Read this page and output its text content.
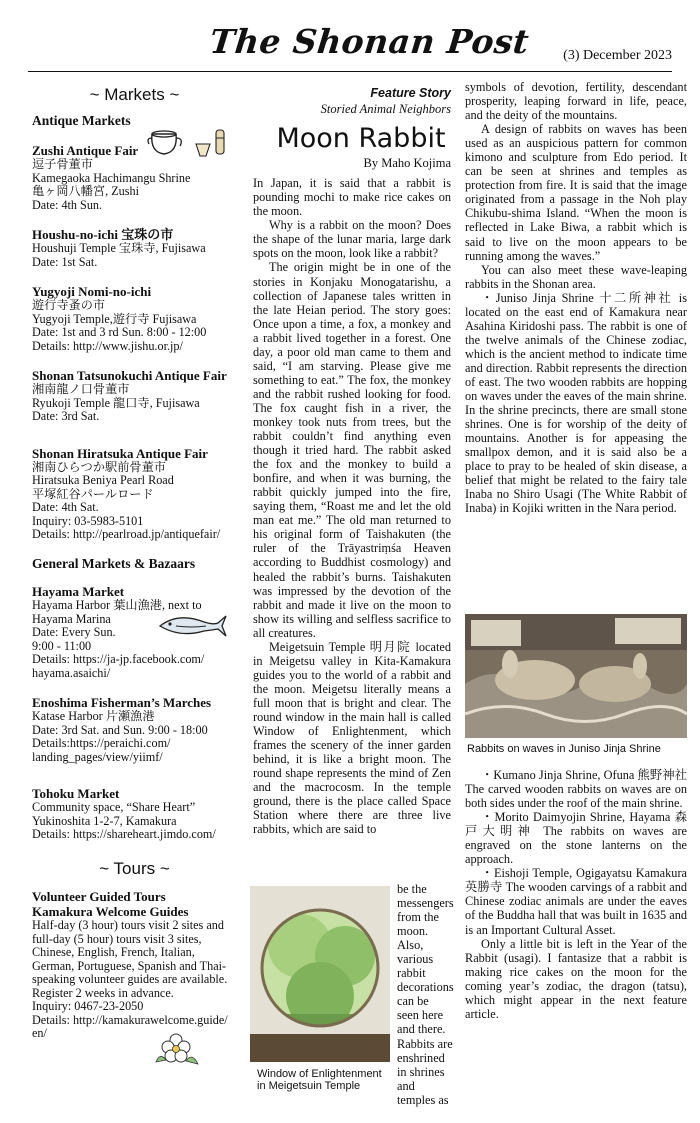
The Shonan Post (3) December 2023
~ Markets ~
Antique Markets
Zushi Antique Fair
逗子骨董市
Kamegaoka Hachimangu Shrine
亀ヶ岡八幡宮, Zushi
Date: 4th Sun.
Houshu-no-ichi 宝珠の市
Houshuji Temple 宝珠寺, Fujisawa
Date: 1st Sat.
Yugyoji Nomi-no-ichi
遊行寺蚤の市
Yugyoji Temple,遊行寺 Fujisawa
Date: 1st and 3 rd Sun. 8:00 - 12:00
Details: http://www.jishu.or.jp/
Shonan Tatsunokuchi Antique Fair
湘南龍ノ口骨董市
Ryukoji Temple 龍口寺, Fujisawa
Date: 3rd Sat.
Shonan Hiratsuka Antique Fair
湘南ひらつか駅前骨董市
Hiratsuka Beniya Pearl Road
平塚紅谷パールロード
Date: 4th Sat.
Inquiry: 03-5983-5101
Details: http://pearlroad.jp/antiquefair/
General Markets & Bazaars
Hayama Market
Hayama Harbor 葉山漁港, next to
Hayama Marina
Date: Every Sun.
9:00 - 11:00
Details: https://ja-jp.facebook.com/
hayama.asaichi/
Enoshima Fisherman’s Marches
Katase Harbor 片瀬漁港
Date: 3rd Sat. and Sun. 9:00 - 18:00
Details:https://peraichi.com/
landing_pages/view/yiimf/
Tohoku Market
Community space, “Share Heart”
Yukinoshita 1-2-7, Kamakura
Details: https://shareheart.jimdo.com/
~ Tours ~
Volunteer Guided Tours
Kamakura Welcome Guides
Half-day (3 hour) tours visit 2 sites and
full-day (5 hour) tours visit 3 sites,
Chinese, English, French, Italian,
German, Portuguese, Spanish and Thai-
speaking volunteer guides are available.
Register 2 weeks in advance.
Inquiry: 0467-23-2050
Details: http://kamakurawelcome.guide/
en/
Feature Story
Storied Animal Neighbors
Moon Rabbit
By Maho Kojima

In Japan, it is said that a rabbit is pounding mochi to make rice cakes on the moon.

Why is a rabbit on the moon? Does the shape of the lunar maria, large dark spots on the moon, look like a rabbit?

The origin might be in one of the stories in Konjaku Monogatarishu, a collection of Japanese tales written in the late Heian period. The story goes: Once upon a time, a fox, a monkey and a rabbit lived together in a forest. One day, a poor old man came to them and said, “I am starving. Please give me something to eat.” The fox, the monkey and the rabbit rushed looking for food. The fox caught fish in a river, the monkey took nuts from trees, but the rabbit couldn’t find anything even though it tried hard. The rabbit asked the fox and the monkey to build a bonfire, and when it was burning, the rabbit quickly jumped into the fire, saying them, “Roast me and let the old man eat me.” The old man returned to his original form of Taishakuten (the ruler of the Trāyastriṃśa Heaven according to Buddhist cosmology) and healed the rabbit’s burns. Taishakuten was impressed by the devotion of the rabbit and made it live on the moon to show its willing and selfless sacrifice to all creatures.

Meigetsuin Temple 明月院 located in Meigetsu valley in Kita-Kamakura guides you to the world of a rabbit and the moon. Meigetsu literally means a full moon that is bright and clear. The round window in the main hall is called Window of Enlightenment, which frames the scenery of the inner garden behind, it is like a bright moon. The round shape represents the mind of Zen and the macrocosm. In the temple ground, there is the place called Space Station where there are three live rabbits, which are said to

Window of Enlightenment
in Meigetsuin Temple

be the messengers from the moon. Also, various rabbit decorations can be seen here and there. Rabbits are enshrined in shrines and temples as

symbols of devotion, fertility, descendant prosperity, leaping forward in life, peace, and the deity of the mountains.

A design of rabbits on waves has been used as an auspicious pattern for common kimono and sculpture from Edo period. It can be seen at shrines and temples as protection from fire. It is said that the image originated from a passage in the Noh play Chikubu-shima Island. “When the moon is reflected in Lake Biwa, a rabbit which is said to live on the moon appears to be running among the waves.”

You can also meet these wave-leaping rabbits in the Shonan area.

・Juniso Jinja Shrine 十二所神社 is located on the east end of Kamakura near Asahina Kiridoshi pass. The rabbit is one of the twelve animals of the Chinese zodiac, which is the ancient method to indicate time and direction. Rabbit represents the direction of east. The two wooden rabbits are hopping on waves under the eaves of the main shrine. In the shrine precincts, there are small stone shrines. One is for worship of the deity of mountains. Another is for appeasing the smallpox demon, and it is said also be a place to pray to be healed of skin disease, a belief that might be related to the fairy tale Inaba no Shiro Usagi (The White Rabbit of Inaba) in Kojiki written in the Nara period.

Rabbits on waves in Juniso Jinja Shrine

・Kumano Jinja Shrine, Ofuna 熊野神社 The carved wooden rabbits on waves are on both sides under the roof of the main shrine.

・Morito Daimyojin Shrine, Hayama 森戸大明神 The rabbits on waves are engraved on the stone lanterns on the approach.

・Eishoji Temple, Ogigayatsu Kamakura 英勝寺 The wooden carvings of a rabbit and Chinese zodiac animals are under the eaves of the Buddha hall that was built in 1635 and is an Important Cultural Asset.

Only a little bit is left in the Year of the Rabbit (usagi). I fantasize that a rabbit is making rice cakes on the moon for the coming year’s zodiac, the dragon (tatsu), which might appear in the next feature article.
